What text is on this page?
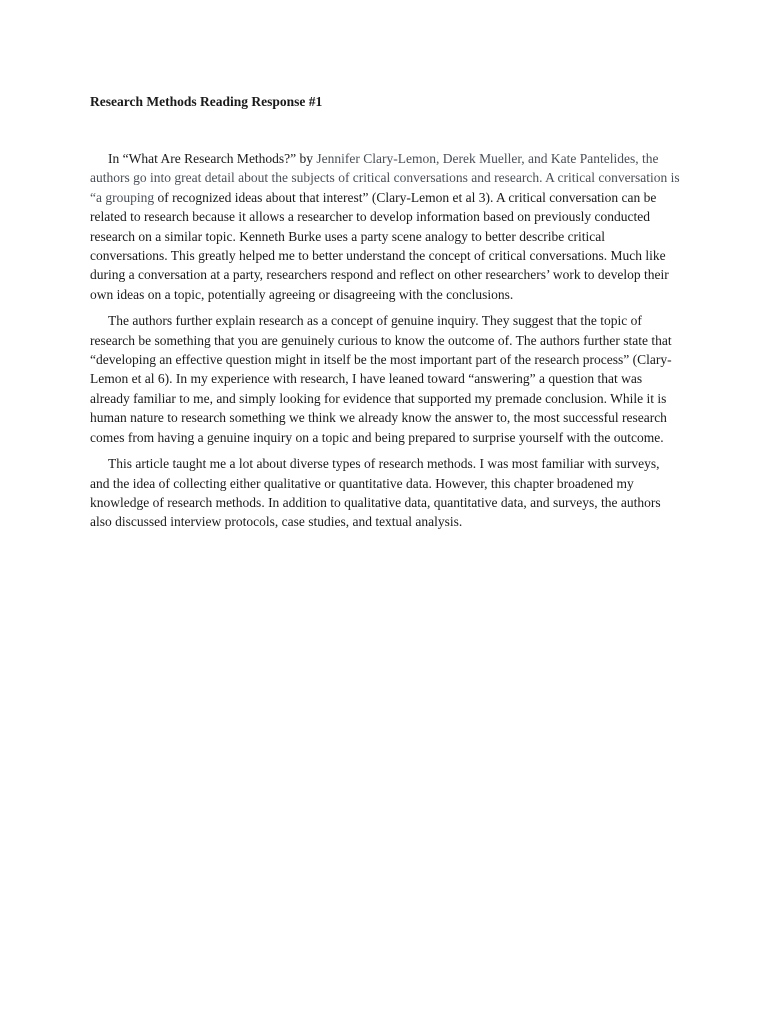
Research Methods Reading Response #1

In “What Are Research Methods?” by Jennifer Clary-Lemon, Derek Mueller, and Kate Pantelides, the authors go into great detail about the subjects of critical conversations and research. A critical conversation is “a grouping of recognized ideas about that interest” (Clary-Lemon et al 3). A critical conversation can be related to research because it allows a researcher to develop information based on previously conducted research on a similar topic. Kenneth Burke uses a party scene analogy to better describe critical conversations. This greatly helped me to better understand the concept of critical conversations. Much like during a conversation at a party, researchers respond and reflect on other researchers’ work to develop their own ideas on a topic, potentially agreeing or disagreeing with the conclusions.

The authors further explain research as a concept of genuine inquiry. They suggest that the topic of research be something that you are genuinely curious to know the outcome of. The authors further state that “developing an effective question might in itself be the most important part of the research process” (Clary-Lemon et al 6). In my experience with research, I have leaned toward “answering” a question that was already familiar to me, and simply looking for evidence that supported my premade conclusion. While it is human nature to research something we think we already know the answer to, the most successful research comes from having a genuine inquiry on a topic and being prepared to surprise yourself with the outcome.

This article taught me a lot about diverse types of research methods. I was most familiar with surveys, and the idea of collecting either qualitative or quantitative data. However, this chapter broadened my knowledge of research methods. In addition to qualitative data, quantitative data, and surveys, the authors also discussed interview protocols, case studies, and textual analysis.
